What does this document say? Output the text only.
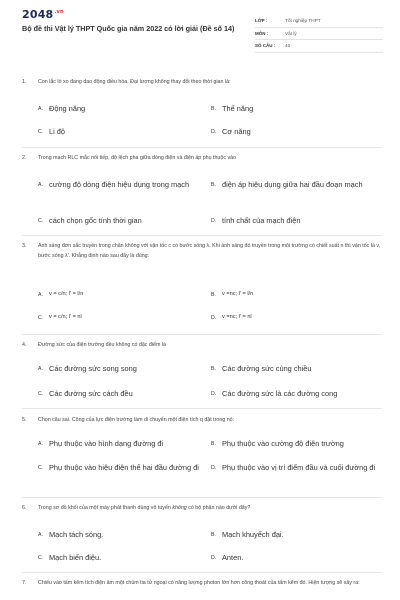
$2048^{.vn}$
Bộ đề thi Vật lý THPT Quốc gia năm 2022 có lời giải (Đề số 14)
LỚP :	Tốt nghiệp THPT
MÔN :	Vật lý
SỐ CÂU :	40
1.	Con lắc lò xo đang dao động điều hòa. Đại lượng không thay đổi theo thời gian là:
A. Động năng	B. Thế năng
C. Li độ	D. Cơ năng
2.	Trong mạch RLC mắc nối tiếp, độ lệch pha giữa dòng điện và điện áp phụ thuộc vào
A. cường độ dòng điện hiệu dụng trong mạch	B. điện áp hiệu dụng giữa hai đầu đoạn mạch
C. cách chọn gốc tính thời gian	D. tính chất của mạch điện
3.	Ánh sáng đơn sắc truyền trong chân không với vận tốc c có bước sóng λ. Khi ánh sáng đó truyền trong môi trường có chiết suất n thì vận tốc là v, bước sóng λ'. Khẳng định nào sau đây là đúng:
A.	v = c/n; l' = l/n	B.	v =nc; l' = l/n
C.	v = c/n; l' = nl	D.	v =nc; l' = nl
4.	Đường sức của điện trường đều không có đặc điểm là
A. Các đường sức song song	B. Các đường sức cùng chiều
C. Các đường sức cách đều	D. Các đường sức là các đường cong
5.	Chọn câu sai. Công của lực điện trường làm di chuyển một điện tích q đặt trong nó:
A. Phụ thuộc vào hình dạng đường đi	B. Phụ thuộc vào cường độ điện trường
C. Phụ thuộc vào hiệu điện thế hai đầu đường đi D. Phụ thuộc vào vị trí điểm đầu và cuối đường đi
6.	Trong sơ đồ khối của một máy phát thanh dùng vô tuyến không có bộ phận nào dưới đây?
A. Mạch tách sóng.	B. Mạch khuyếch đại.
C. Mạch biến điệu.	D. Anten.
7.	Chiếu vào tấm kẽm tích điện âm một chùm tia tử ngoại có năng lượng photon lớn hơn công thoát của tấm kẽm đó. Hiện tượng sẽ xảy ra:
